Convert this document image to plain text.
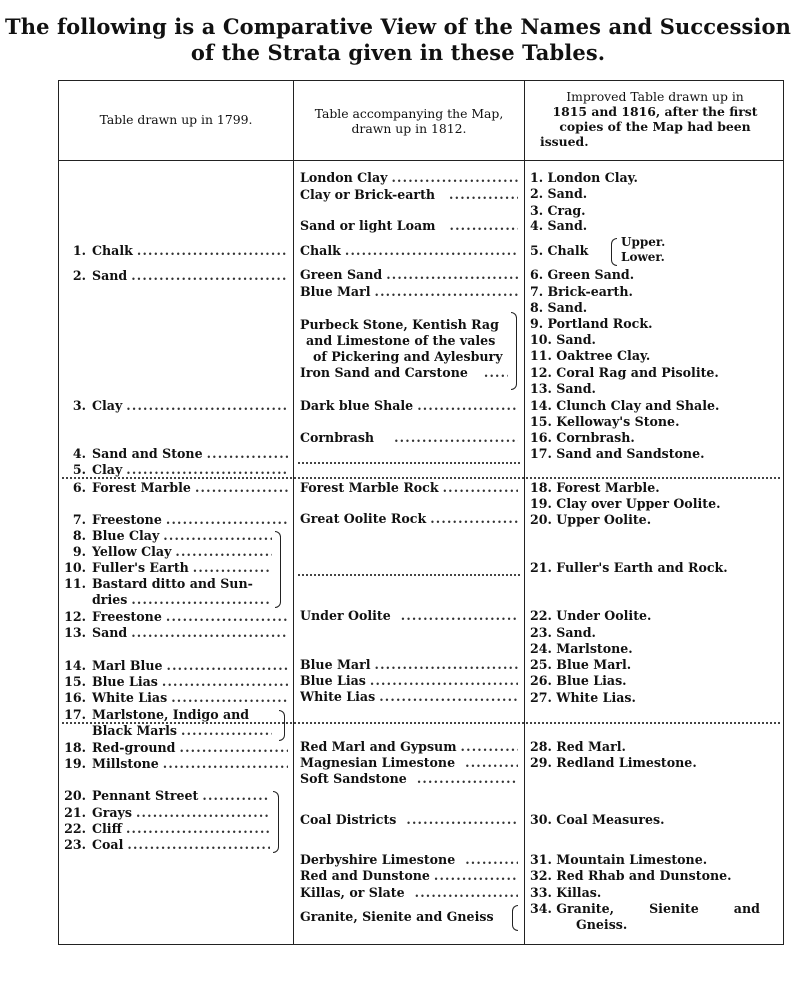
The following is a Comparative View of the Names and Succession
of the Strata given in these Tables.
Table drawn up in 1799.	Table accompanying the Map,
drawn up in 1812.
Improved Table drawn up in
1815 and 1816, after the first
copies of the Map had been
issued.
1. Chalk
.....
2. Sand
.....
3. Clay
.....
4. Sand and Stone
.....
5. Clay
.....
6. Forest Marble
.....
7. Freestone
.....
8. Blue Clay
.....
9. Yellow Clay
.....
10. Fuller's Earth
.....
11. Bastard ditto and Sun-
dries
.....
12. Freestone
.....
13. Sand
.....
14. Marl Blue
.....
15. Blue Lias
.....
16. White Lias
.....
17. Marlstone, Indigo and
Black Marls
.....
18. Red-ground
.....
19. Millstone
.....
20. Pennant Street
.....
21. Grays
.....
22. Cliff
.....
23. Coal
.....
London Clay
.....
Clay or Brick-earth
.....
Sand or light Loam
.....
Chalk
.....
Green Sand
.....
Blue Marl
.....
Purbeck Stone, Kentish Rag
and Limestone of the vales
of Pickering and Aylesbury
Iron Sand and Carstone
.....
Dark blue Shale
.....
Cornbrash
.....
Forest Marble Rock
.....
Great Oolite Rock
.....
Under Oolite
.....
Blue Marl
.....
Blue Lias
.....
White Lias
.....
Red Marl and Gypsum
.....
Magnesian Limestone
.....
Soft Sandstone
.....
Coal Districts
.....
Derbyshire Limestone
.....
Red and Dunstone
.....
Killas, or Slate
.....
Granite, Sienite and Gneiss
1. London Clay.
2. Sand.
3. Crag.
4. Sand.
5. Chalk
Upper.
Lower.
6. Green Sand.
7. Brick-earth.
8. Sand.
9. Portland Rock.
10. Sand.
11. Oaktree Clay.
12. Coral Rag and Pisolite.
13. Sand.
14. Clunch Clay and Shale.
15. Kelloway's Stone.
16. Cornbrash.
17. Sand and Sandstone.
18. Forest Marble.
19. Clay over Upper Oolite.
20. Upper Oolite.
21. Fuller's Earth and Rock.
22. Under Oolite.
23. Sand.
24. Marlstone.
25. Blue Marl.
26. Blue Lias.
27. White Lias.
28. Red Marl.
29. Redland Limestone.
30. Coal Measures.
31. Mountain Limestone.
32. Red Rhab and Dunstone.
33. Killas.
34. Granite,        Sienite        and
Gneiss.
